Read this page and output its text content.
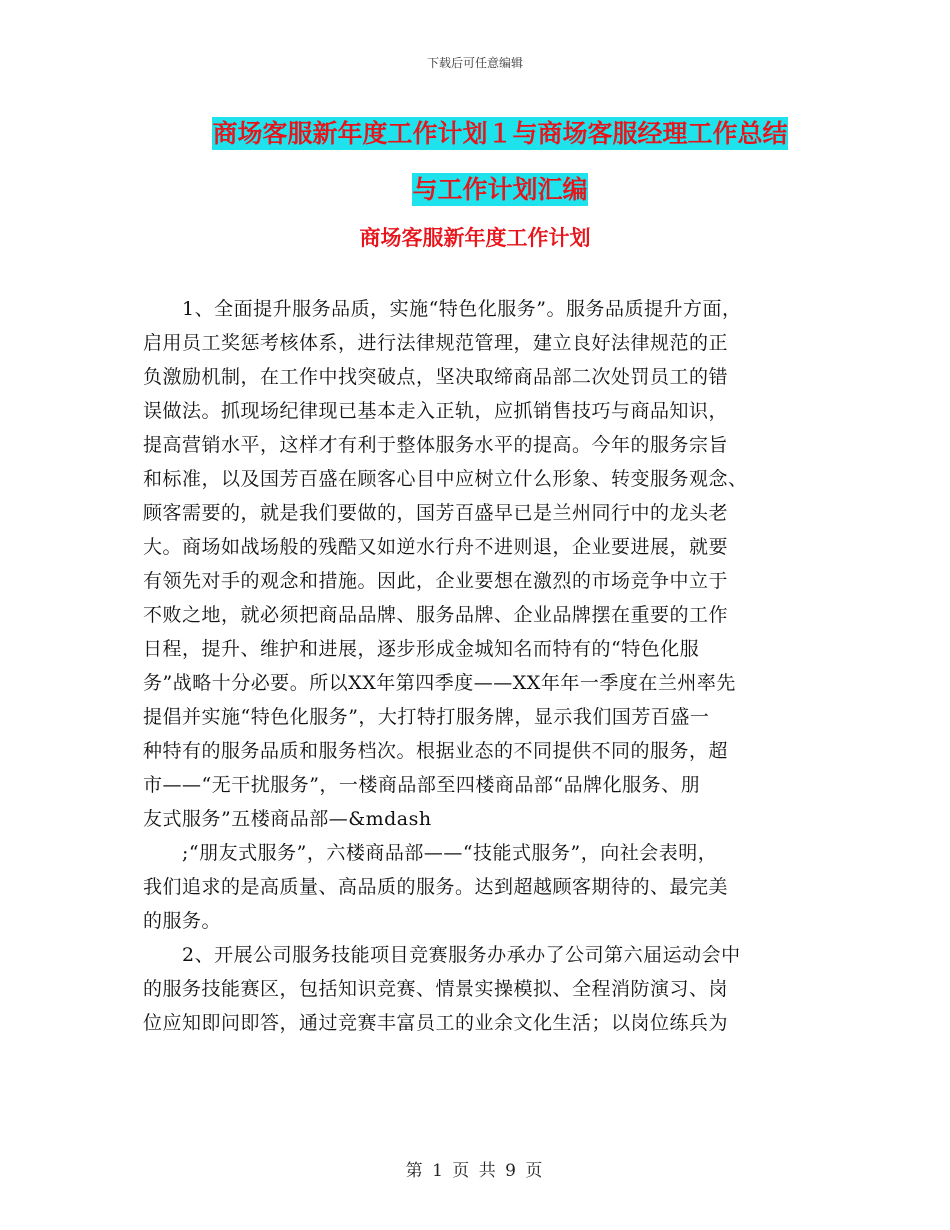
下载后可任意编辑
商场客服新年度工作计划１与商场客服经理工作总结
与工作计划汇编
商场客服新年度工作计划

　　1、全面提升服务品质，实施“特色化服务”。服务品质提升方面，

启用员工奖惩考核体系，进行法律规范管理，建立良好法律规范的正

负激励机制，在工作中找突破点，坚决取缔商品部二次处罚员工的错

误做法。抓现场纪律现已基本走入正轨，应抓销售技巧与商品知识，

提高营销水平，这样才有利于整体服务水平的提高。今年的服务宗旨

和标准，以及国芳百盛在顾客心目中应树立什么形象、转变服务观念、

顾客需要的，就是我们要做的，国芳百盛早已是兰州同行中的龙头老

大。商场如战场般的残酷又如逆水行舟不进则退，企业要进展，就要

有领先对手的观念和措施。因此，企业要想在激烈的市场竞争中立于

不败之地，就必须把商品品牌、服务品牌、企业品牌摆在重要的工作

日程，提升、维护和进展，逐步形成金城知名而特有的“特色化服

务”战略十分必要。所以XX年第四季度——XX年年一季度在兰州率先

提倡并实施“特色化服务”，大打特打服务牌，显示我们国芳百盛一

种特有的服务品质和服务档次。根据业态的不同提供不同的服务，超

市——“无干扰服务”，一楼商品部至四楼商品部“品牌化服务、朋

友式服务”五楼商品部—&mdash

　　;“朋友式服务”，六楼商品部——“技能式服务”，向社会表明，

我们追求的是高质量、高品质的服务。达到超越顾客期待的、最完美

的服务。

　　2、开展公司服务技能项目竞赛服务办承办了公司第六届运动会中

的服务技能赛区，包括知识竞赛、情景实操模拟、全程消防演习、岗

位应知即问即答，通过竞赛丰富员工的业余文化生活；以岗位练兵为

第 1 页 共 9 页
